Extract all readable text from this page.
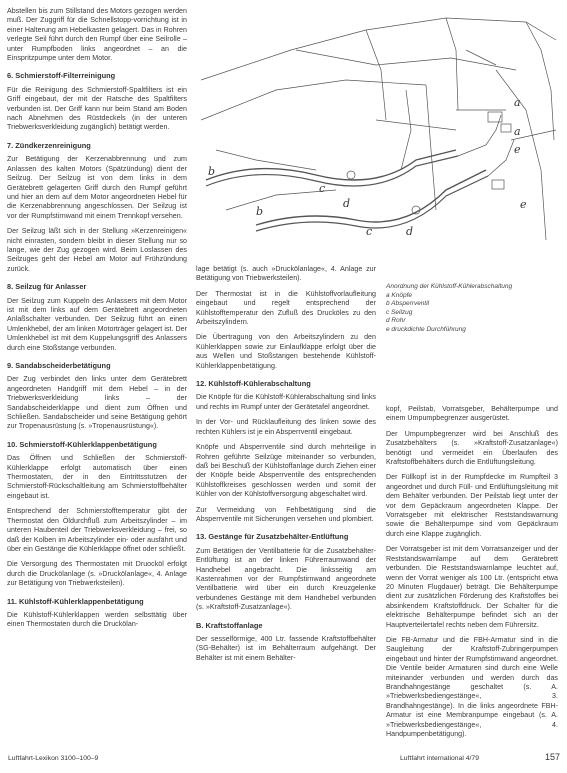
Abstellen bis zum Stillstand des Motors gezogen werden muß. Der Zuggriff für die Schnellstopp-vorrichtung ist in einer Halterung am Hebelkasten gelagert. Das in Rohren verlegte Seil führt durch den Rumpf über eine Seilrolle – unter Rumpfboden links angeordnet – an die Einspritzpumpe unter dem Motor.

6. Schmierstoff-Filterreinigung

Für die Reinigung des Schmierstoff-Spaltfilters ist ein Griff eingebaut, der mit der Ratsche des Spaltfilters verbunden ist. Der Griff kann nur beim Stand am Boden nach Abnehmen des Rüstdeckels (in der unteren Triebwerksverkleidung zugänglich) betätigt werden.

7. Zündkerzenreinigung

Zur Betätigung der Kerzenabbrennung und zum Anlassen des kalten Motors (Spätzündung) dient der Seilzug. Der Seilzug ist von dem links in dem Gerätebrett gelagerten Griff durch den Rumpf geführt und hier an dem auf dem Motor angeordneten Hebel für die Kerzenabbrennung angeschlossen. Der Seilzug ist vor der Rumpfstirnwand mit einem Trennkopf versehen.

Der Seilzug läßt sich in der Stellung »Kerzenreinigen« nicht einrasten, sondern bleibt in dieser Stellung nur so lange, wie der Zug gezogen wird. Beim Loslassen des Seilzuges geht der Hebel am Motor auf Frühzündung zurück.

8. Seilzug für Anlasser

Der Seilzug zum Kuppeln des Anlassers mit dem Motor ist mit dem links auf dem Gerätebrett angeordneten Anlaßschalter verbunden. Der Seilzug führt an einen Umlenkhebel, der am linken Motorträger gelagert ist. Der Umlenkhebel ist mit dem Kuppelungsgriff des Anlassers durch eine Stoßstange verbunden.

9. Sandabscheiderbetätigung

Der Zug verbindet den links unter dem Gerätebrett angeordneten Handgriff mit dem Hebel – in der Triebwerksverkleidung links – der Sandabscheiderklappe und dient zum Öffnen und Schließen. Sandabscheider und seine Betätigung gehört zur Tropenausrüstung (s. »Tropenausrüstung«).

10. Schmierstoff-Kühlerklappenbetätigung

Das Öffnen und Schließen der Schmierstoff-Kühlerklappe erfolgt automatisch über einen Thermostaten, der in den Eintrittsstutzen der Schmierstoff-Rückschaltleitung am Schmierstoffbehälter eingebaut ist.

Entsprechend der Schmierstofftemperatur gibt der Thermostat den Öldurchfluß zum Arbeitszylinder – im unteren Haubenteil der Triebwerksverkleidung – frei, so daß der Kolben im Arbeitszylinder ein- oder ausfährt und über ein Gestänge die Kühlerklappe öffnet oder schließt.

Die Versorgung des Thermostaten mit Druocköl erfolgt durch die Druckölanlage (s. »Druckölanlage«, 4. Anlage zur Betätigung von Triebwerksteilen).

11. Kühlstoff-Kühlerklappenbetätigung

Die Kühlstoff-Kühlerklappen werden selbsttätig über einen Thermostaten durch die Druckölan-

a
a
b
b
c
c
d
d
e
e

lage betätigt (s. auch »Druckölanlage«, 4. Anlage zur Betätigung von Triebwerksteilen).

Der Thermostat ist in die Kühlstoffvorlaufleitung eingebaut und regelt entsprechend der Kühlstofftemperatur den Zufluß des Drucköles zu den Arbeitszylindern.

Die Übertragung von den Arbeitszylindern zu den Kühlerklappen sowie zur Einlaufklappe erfolgt über die aus Wellen und Stoßstangen bestehende Kühlstoff-Kühlerklappenbetätigung.

12. Kühlstoff-Kühlerabschaltung

Die Knöpfe für die Kühlstoff-Kühlerabschaltung sind links und rechts im Rumpf unter der Gerätetafel angeordnet.

In der Vor- und Rücklaufleitung des linken sowie des rechten Kühlers ist je ein Absperrventil eingebaut.

Knöpfe und Absperrventile sind durch mehrteilige in Rohren geführte Seilzüge miteinander so verbunden, daß bei Beschuß der Kühlstoffanlage durch Ziehen einer der Knöpfe beide Absperrventile des entsprechenden Kühlstoffkreises geschlossen werden und somit der Kühler von der Kühlstoffversorgung abgeschaltet wird.

Zur Vermeidung von Fehlbetätigung sind die Absperrventile mit Sicherungen versehen und plombiert.

13. Gestänge für Zusatzbehälter-Entlüftung

Zum Betätigen der Ventilbatterie für die Zusatzbehälter-Entlüftung ist an der linken Führerraumwand der Handhebel angebracht. Die linksseitig am Kastenrahmen vor der Rumpfstirnwand angeordnete Ventilbatterie wird über ein durch Kreuzgelenke verbundenes Gestänge mit dem Handhebel verbunden (s. »Kraftstoff-Zusatzanlage«).

B. Kraftstoffanlage

Der sesselförmige, 400 Ltr. fassende Kraftstoffbehälter (SG-Behälter) ist im Behälterraum aufgehängt. Der Behälter ist mit einem Behälter-

Anordnung der Kühlstoff-Kühlerabschaltung
a Knöpfe
b Absperrventil
c Seilzug
d Rohr
e druckdichte Durchführung

kopf, Peilstab, Vorratsgeber, Behälterpumpe und einem Umpumpbegrenzer ausgerüstet.

Der Umpumpbegrenzer wird bei Anschluß des Zusatzbehälters (s. »Kraftstoff-Zusatzanlage«) benötigt und vermeidet ein Überlaufen des Kraftstoffbehälters durch die Entlüftungsleitung.

Der Füllkopf ist in der Rumpfdecke im Rumpfteil 3 angeordnet und durch Füll- und Entlüftungsleitung mit dem Behälter verbunden. Der Peilstab liegt unter der vor dem Gepäckraum angeordneten Klappe. Der Vorratsgeber mit elektrischer Reststandswarnung sowie die Behälterpumpe sind vom Gepäckraum durch eine Klappe zugänglich.

Der Vorratsgeber ist mit dem Vorratsanzeiger und der Reststandswarnlampe auf dem Gerätebrett verbunden. Die Reststandswarnlampe leuchtet auf, wenn der Vorrat weniger als 100 Ltr. (entspricht etwa 20 Minuten Flugdauer) beträgt. Die Behälterpumpe dient zur zusätzlichen Förderung des Kraftstoffes bei absinkendem Kraftstoffdruck. Der Schalter für die elektrische Behälterpumpe befindet sich an der Hauptverteilertafel rechts neben dem Führersitz.

Die FB-Armatur und die FBH-Armatur sind in die Saugleitung der Kraftstoff-Zubringerpumpen eingebaut und hinter der Rumpfstirnwand angeordnet. Die Ventile beider Armaturen sind durch eine Welle miteinander verbunden und werden durch das Brandhahngestänge geschaltet (s. A. »Triebwerksbediengestänge«, 3. Brandhahngestänge). In die links angeordnete FBH-Armatur ist eine Membranpumpe eingebaut (s. A. »Triebwerksbediengestänge«, 4. Handpumpenbetätigung).

Luftfahrt-Lexikon 3100–100–9	Luftfahrt international 4/79	157
